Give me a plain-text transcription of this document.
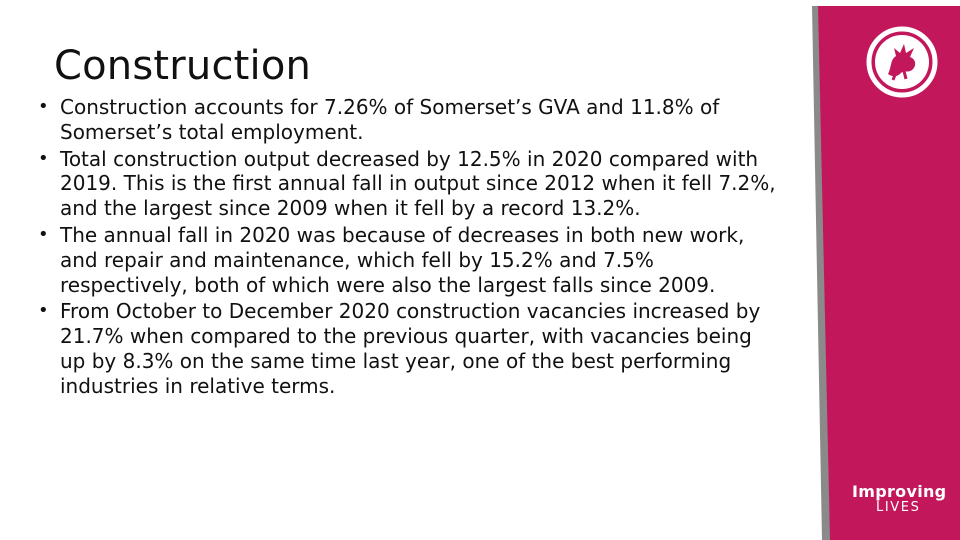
Construction
• Construction accounts for 7.26% of Somerset’s GVA and 11.8% of Somerset’s total employment.
• Total construction output decreased by 12.5% in 2020 compared with 2019. This is the first annual fall in output since 2012 when it fell 7.2%, and the largest since 2009 when it fell by a record 13.2%.
• The annual fall in 2020 was because of decreases in both new work, and repair and maintenance, which fell by 15.2% and 7.5% respectively, both of which were also the largest falls since 2009.
• From October to December 2020 construction vacancies increased by 21.7% when compared to the previous quarter, with vacancies being up by 8.3% on the same time last year, one of the best performing industries in relative terms.
Improving
LIVES
